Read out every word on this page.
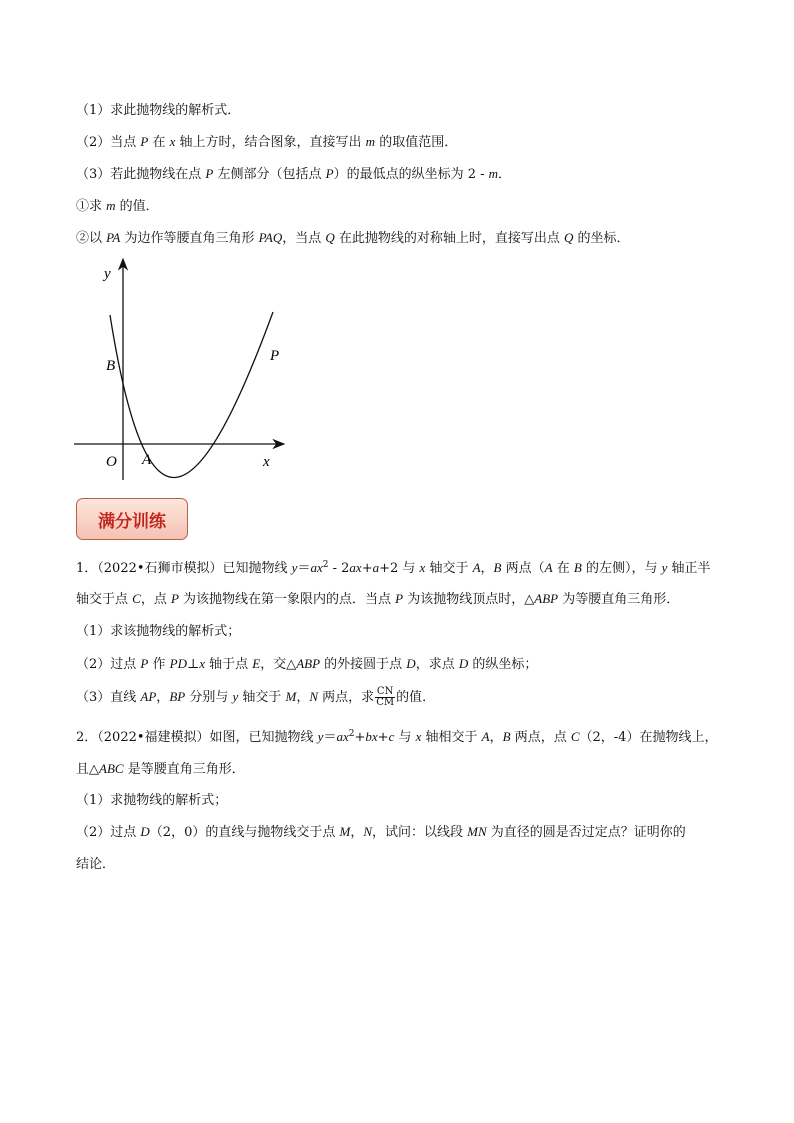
（1）求此抛物线的解析式．
（2）当点 P 在 x 轴上方时，结合图象，直接写出 m 的取值范围．
（3）若此抛物线在点 P 左侧部分（包括点 P）的最低点的纵坐标为 2 - m．
①求 m 的值．
②以 PA 为边作等腰直角三角形 PAQ，当点 Q 在此抛物线的对称轴上时，直接写出点 Q 的坐标．
y
x
O A
B
P
满分训练
1．（2022•石狮市模拟）已知抛物线 $y=ax^2 - 2ax+a+2$ 与 x 轴交于 A，B 两点（A 在 B 的左侧），与 y 轴正半
轴交于点 C，点 P 为该抛物线在第一象限内的点．当点 P 为该抛物线顶点时，△ABP 为等腰直角三角形．
（1）求该抛物线的解析式；
（2）过点 P 作 PD⊥x 轴于点 E，交△ABP 的外接圆于点 D，求点 D 的纵坐标；
（3）直线 AP，BP 分别与 y 轴交于 M，N 两点，求 $\frac{CN}{CM}$ 的值．
2．（2022•福建模拟）如图，已知抛物线 $y=ax^2+bx+c$ 与 x 轴相交于 A，B 两点，点 C（2，-4）在抛物线上，
且△ABC 是等腰直角三角形．
（1）求抛物线的解析式；
（2）过点 D（2，0）的直线与抛物线交于点 M，N，试问：以线段 MN 为直径的圆是否过定点？证明你的
结论．
